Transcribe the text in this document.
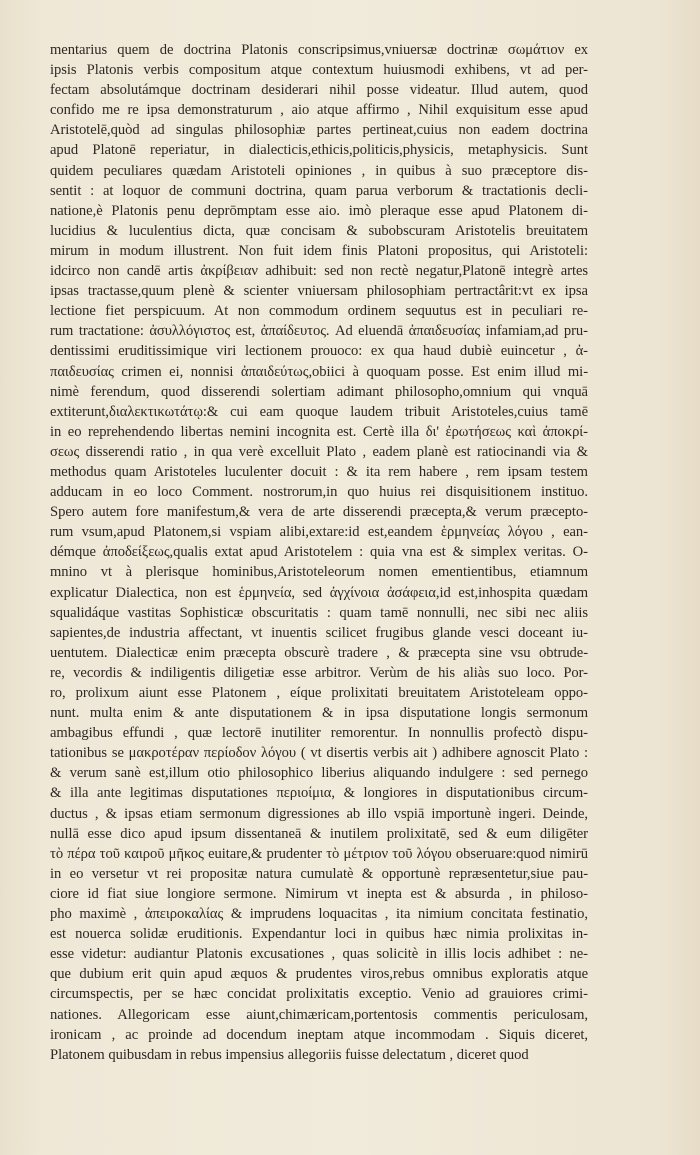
mentarius quem de doctrina Platonis conscripsimus,vniuersæ doctrinæ σωμάτιον ex
ipsis Platonis verbis compositum atque contextum huiusmodi exhibens, vt ad per-
fectam absolutámque doctrinam desiderari nihil posse videatur. Illud autem, quod
confido me re ipsa demonstraturum , aio atque affirmo , Nihil exquisitum esse apud
Aristotelē,quòd ad singulas philosophiæ partes pertineat,cuius non eadem doctrina
apud Platonē reperiatur, in dialecticis,ethicis,politicis,physicis, metaphysicis. Sunt
quidem peculiares quædam Aristoteli opiniones , in quibus à suo præceptore dis-
sentit : at loquor de communi doctrina, quam parua verborum & tractationis decli-
natione,è Platonis penu deprōmptam esse aio. imò pleraque esse apud Platonem di-
lucidius & luculentius dicta, quæ concisam & subobscuram Aristotelis breuitatem
mirum in modum illustrent. Non fuit idem finis Platoni propositus, qui Aristoteli:
idcirco non candē artis ἀκρίβειαν adhibuit: sed non rectè negatur,Platonē integrè artes
ipsas tractasse,quum plenè & scienter vniuersam philosophiam pertractârit:vt ex ipsa
lectione fiet perspicuum. At non commodum ordinem sequutus est in peculiari re-
rum tractatione: ἀσυλλόγιστος est, ἀπαίδευτος. Ad eluendā ἀπαιδευσίας infamiam,ad pru-
dentissimi eruditissimique viri lectionem prouoco: ex qua haud dubiè euincetur , ἀ-
παιδευσίας crimen ei, nonnisi ἀπαιδεύτως,obiici à quoquam posse. Est enim illud mi-
nimè ferendum, quod disserendi solertiam adimant philosopho,omnium qui vnquā
extiterunt,διαλεκτικωτάτῳ:& cui eam quoque laudem tribuit Aristoteles,cuius tamē
in eo reprehendendo libertas nemini incognita est. Certè illa δι' ἐρωτήσεως καὶ ἀποκρί-
σεως disserendi ratio , in qua verè excelluit Plato , eadem planè est ratiocinandi via &
methodus quam Aristoteles luculenter docuit : & ita rem habere , rem ipsam testem
adducam in eo loco Comment. nostrorum,in quo huius rei disquisitionem instituo.
Spero autem fore manifestum,& vera de arte disserendi præcepta,& verum præcepto-
rum vsum,apud Platonem,si vspiam alibi,extare:id est,eandem ἑρμηνείας λόγου , ean-
démque ἀποδείξεως,qualis extat apud Aristotelem : quia vna est & simplex veritas. O-
mnino vt à plerisque hominibus,Aristoteleorum nomen ementientibus, etiamnum
explicatur Dialectica, non est ἑρμηνεία, sed ἀγχίνοια ἀσάφεια,id est,inhospita quædam
squalidáque vastitas Sophisticæ obscuritatis : quam tamē nonnulli, nec sibi nec aliis
sapientes,de industria affectant, vt inuentis scilicet frugibus glande vesci doceant iu-
uentutem. Dialecticæ enim præcepta obscurè tradere , & præcepta sine vsu obtrude-
re, vecordis & indiligentis diligetiæ esse arbitror. Verùm de his aliàs suo loco. Por-
ro, prolixum aiunt esse Platonem , eíque prolixitati breuitatem Aristoteleam oppo-
nunt. multa enim & ante disputationem & in ipsa disputatione longis sermonum
ambagibus effundi , quæ lectorē inutiliter remorentur. In nonnullis profectò dispu-
tationibus se μακροτέραν περίοδον λόγου ( vt disertis verbis ait ) adhibere agnoscit Plato :
& verum sanè est,illum otio philosophico liberius aliquando indulgere : sed pernego
& illa ante legitimas disputationes περιοίμια, & longiores in disputationibus circum-
ductus , & ipsas etiam sermonum digressiones ab illo vspiā importunè ingeri. Deinde,
nullā esse dico apud ipsum dissentaneā & inutilem prolixitatē, sed & eum diligēter
τὸ πέρα τοῦ καιροῦ μῆκος euitare,& prudenter τὸ μέτριον τοῦ λόγου obseruare:quod nimirū
in eo versetur vt rei propositæ natura cumulatè & opportunè repræsentetur,siue pau-
ciore id fiat siue longiore sermone. Nimirum vt inepta est & absurda , in philoso-
pho maximè , ἀπειροκαλίας & imprudens loquacitas , ita nimium concitata festinatio,
est nouerca solidæ eruditionis. Expendantur loci in quibus hæc nimia prolixitas in-
esse videtur: audiantur Platonis excusationes , quas solicitè in illis locis adhibet : ne-
que dubium erit quin apud æquos & prudentes viros,rebus omnibus exploratis atque
circumspectis, per se hæc concidat prolixitatis exceptio. Venio ad grauiores crimi-
nationes. Allegoricam esse aiunt,chimæricam,portentosis commentis periculosam,
ironicam , ac proinde ad docendum ineptam atque incommodam . Siquis diceret,
Platonem quibusdam in rebus impensius allegoriis fuisse delectatum , diceret quod
